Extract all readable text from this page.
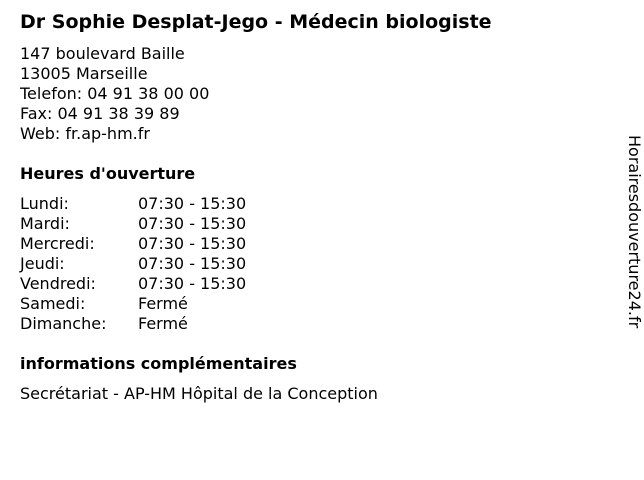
Dr Sophie Desplat-Jego - Médecin biologiste
147 boulevard Baille
13005 Marseille
Telefon: 04 91 38 00 00
Fax: 04 91 38 39 89
Web: fr.ap-hm.fr
Heures d'ouverture
Lundi:	07:30 - 15:30
Mardi:	07:30 - 15:30
Mercredi:	07:30 - 15:30
Jeudi:	07:30 - 15:30
Vendredi:	07:30 - 15:30
Samedi:	Fermé
Dimanche: Fermé
informations complémentaires
Secrétariat - AP-HM Hôpital de la Conception
Horairesdouverture24.fr
